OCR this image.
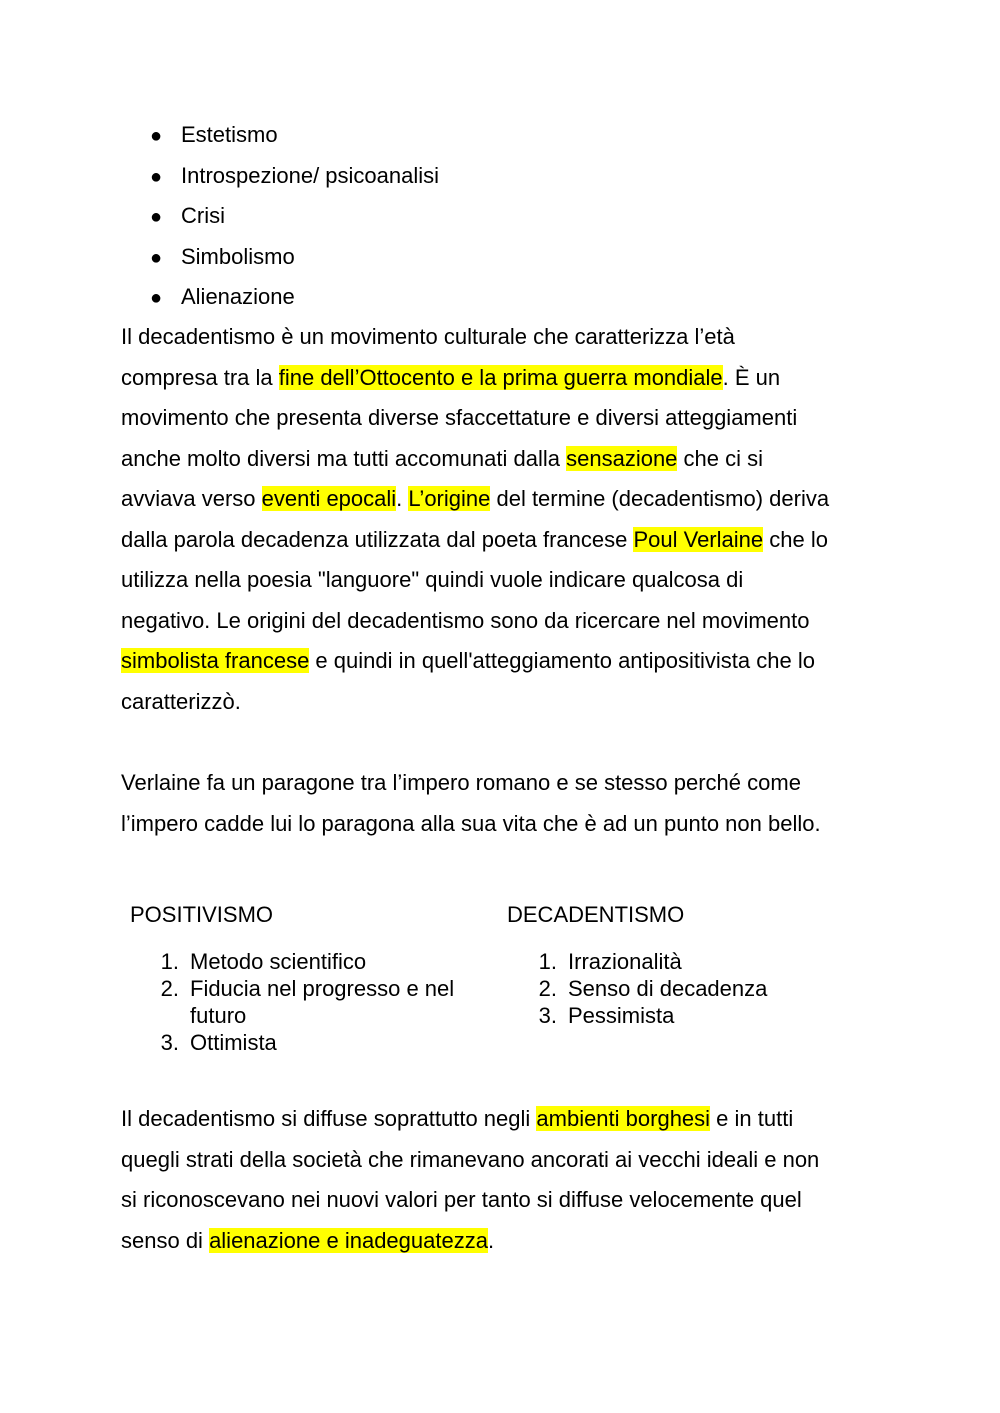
● Estetismo
● Introspezione/ psicoanalisi
● Crisi
● Simbolismo
● Alienazione

Il decadentismo è un movimento culturale che caratterizza l’età
compresa tra la fine dell’Ottocento e la prima guerra mondiale. È un
movimento che presenta diverse sfaccettature e diversi atteggiamenti
anche molto diversi ma tutti accomunati dalla sensazione che ci si
avviava verso eventi epocali. L’origine del termine (decadentismo) deriva
dalla parola decadenza utilizzata dal poeta francese Poul Verlaine che lo
utilizza nella poesia "languore" quindi vuole indicare qualcosa di
negativo. Le origini del decadentismo sono da ricercare nel movimento
simbolista francese e quindi in quell'atteggiamento antipositivista che lo
caratterizzò.

Verlaine fa un paragone tra l’impero romano e se stesso perché come
l’impero cadde lui lo paragona alla sua vita che è ad un punto non bello.

POSITIVISMO
1. Metodo scientifico
2. Fiducia nel progresso e nel
futuro
3. Ottimista
DECADENTISMO
1. Irrazionalità
2. Senso di decadenza
3. Pessimista

Il decadentismo si diffuse soprattutto negli ambienti borghesi e in tutti
quegli strati della società che rimanevano ancorati ai vecchi ideali e non
si riconoscevano nei nuovi valori per tanto si diffuse velocemente quel
senso di alienazione e inadeguatezza.
